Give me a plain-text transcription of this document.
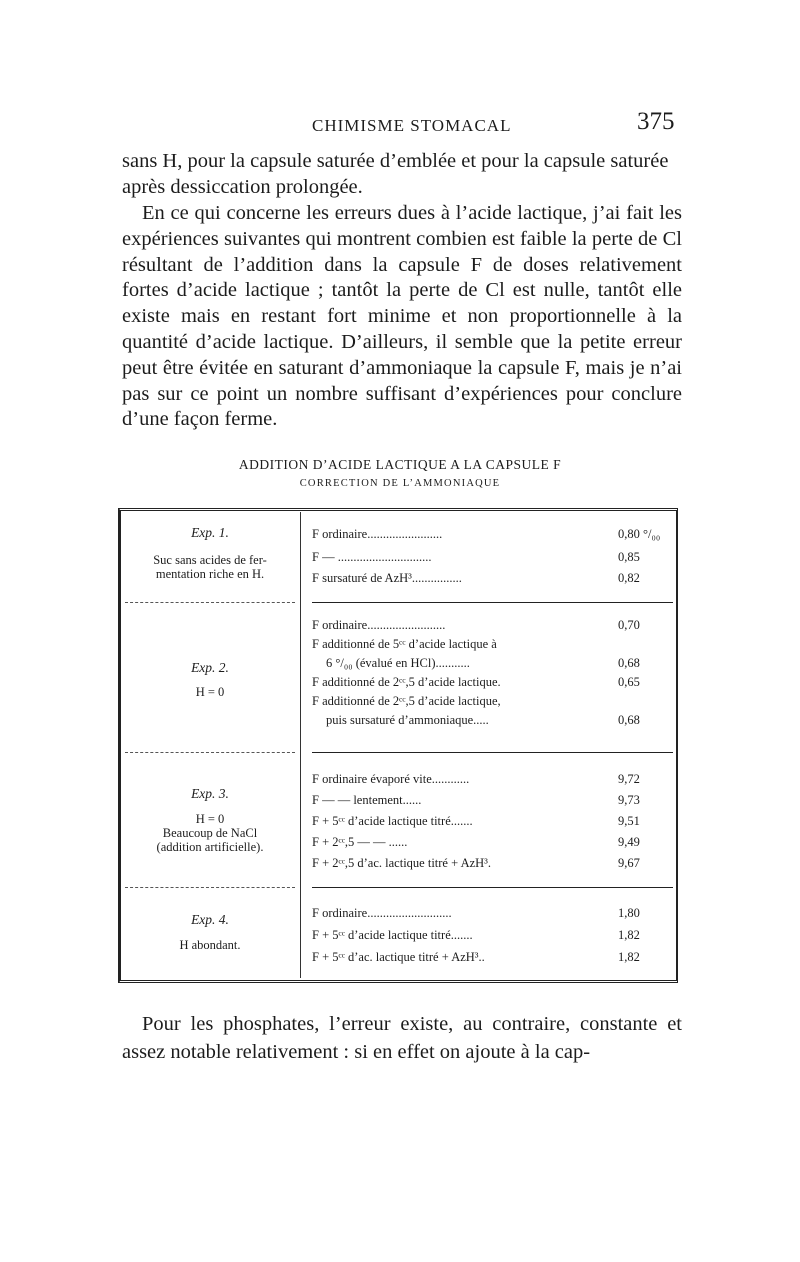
CHIMISME STOMACAL	375
sans H, pour la capsule saturée d’emblée et pour la capsule saturée après dessiccation prolongée.
En ce qui concerne les erreurs dues à l’acide lactique, j’ai fait les expériences suivantes qui montrent combien est faible la perte de Cl résultant de l’addition dans la capsule F de doses relativement fortes d’acide lactique ; tantôt la perte de Cl est nulle, tantôt elle existe mais en restant fort minime et non proportionnelle à la quantité d’acide lactique. D’ailleurs, il semble que la petite erreur peut être évitée en saturant d’ammoniaque la capsule F, mais je n’ai pas sur ce point un nombre suffisant d’expériences pour conclure d’une façon ferme.
ADDITION D’ACIDE LACTIQUE A LA CAPSULE F
CORRECTION DE L’AMMONIAQUE
Exp. 1.
Suc sans acides de fer-
mentation riche en H.
F ordinaire........................	0,80 °/₀₀
F — ..............................	0,85
F sursaturé de AzH³................	0,82
Exp. 2.
H = 0
F ordinaire.........................	0,70
F additionné de 5ᶜᶜ d’acide lactique à
6 °/₀₀ (évalué en HCl)...........	0,68
F additionné de 2ᶜᶜ,5 d’acide lactique.	0,65
F additionné de 2ᶜᶜ,5 d’acide lactique,
puis sursaturé d’ammoniaque.....	0,68
Exp. 3.
H = 0
Beaucoup de NaCl
(addition artificielle).
F ordinaire évaporé vite............	9,72
F — — lentement......	9,73
F + 5ᶜᶜ d’acide lactique titré.......	9,51
F + 2ᶜᶜ,5 — — ......	9,49
F + 2ᶜᶜ,5 d’ac. lactique titré + AzH³.	9,67
Exp. 4.
H abondant.
F ordinaire...........................	1,80
F + 5ᶜᶜ d’acide lactique titré.......	1,82
F + 5ᶜᶜ d’ac. lactique titré + AzH³..	1,82
Pour les phosphates, l’erreur existe, au contraire, constante et assez notable relativement : si en effet on ajoute à la cap-
